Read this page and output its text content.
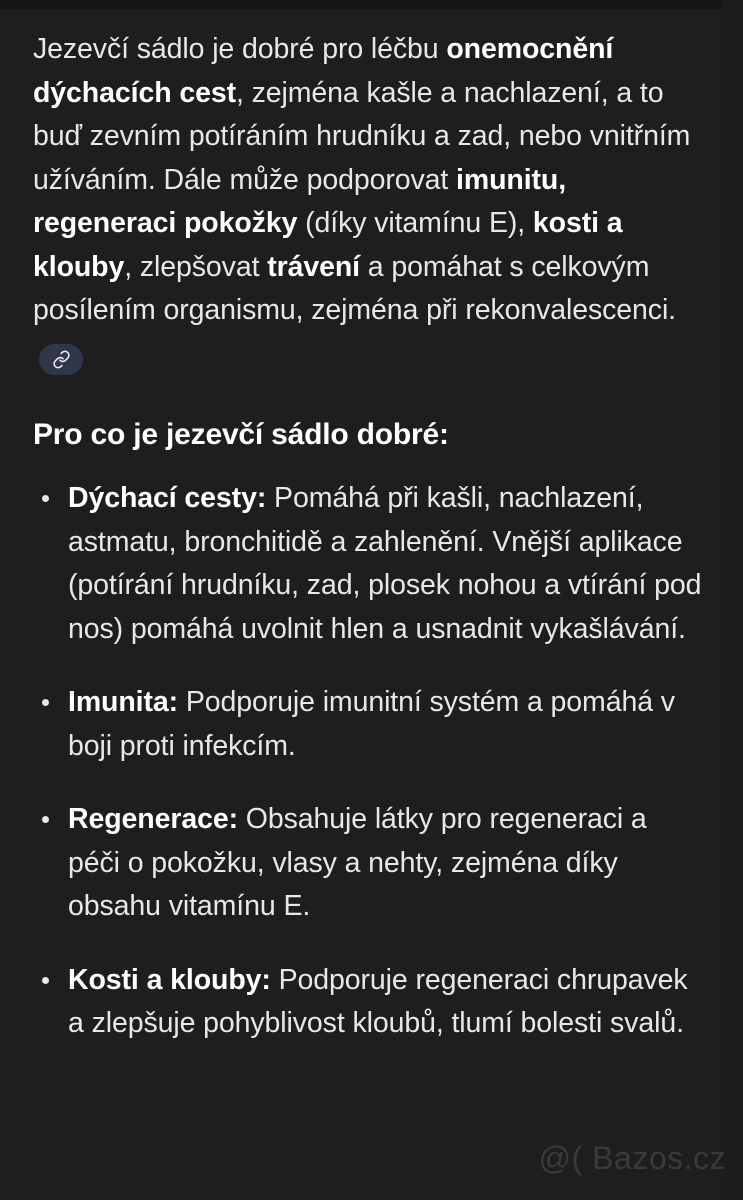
Jezevčí sádlo je dobré pro léčbu onemocnění dýchacích cest, zejména kašle a nachlazení, a to buď zevním potíráním hrudníku a zad, nebo vnitřním užíváním. Dále může podporovat imunitu, regeneraci pokožky (díky vitamínu E), kosti a klouby, zlepšovat trávení a pomáhat s celkovým posílením organismu, zejména při rekonvalescenci.

Pro co je jezevčí sádlo dobré:
Dýchací cesty: Pomáhá při kašli, nachlazení, astmatu, bronchitidě a zahlenění. Vnější aplikace (potírání hrudníku, zad, plosek nohou a vtírání pod nos) pomáhá uvolnit hlen a usnadnit vykašlávání.
Imunita: Podporuje imunitní systém a pomáhá v boji proti infekcím.
Regenerace: Obsahuje látky pro regeneraci a péči o pokožku, vlasy a nehty, zejména díky obsahu vitamínu E.
Kosti a klouby: Podporuje regeneraci chrupavek a zlepšuje pohyblivost kloubů, tlumí bolesti svalů.
@( Bazos.cz
